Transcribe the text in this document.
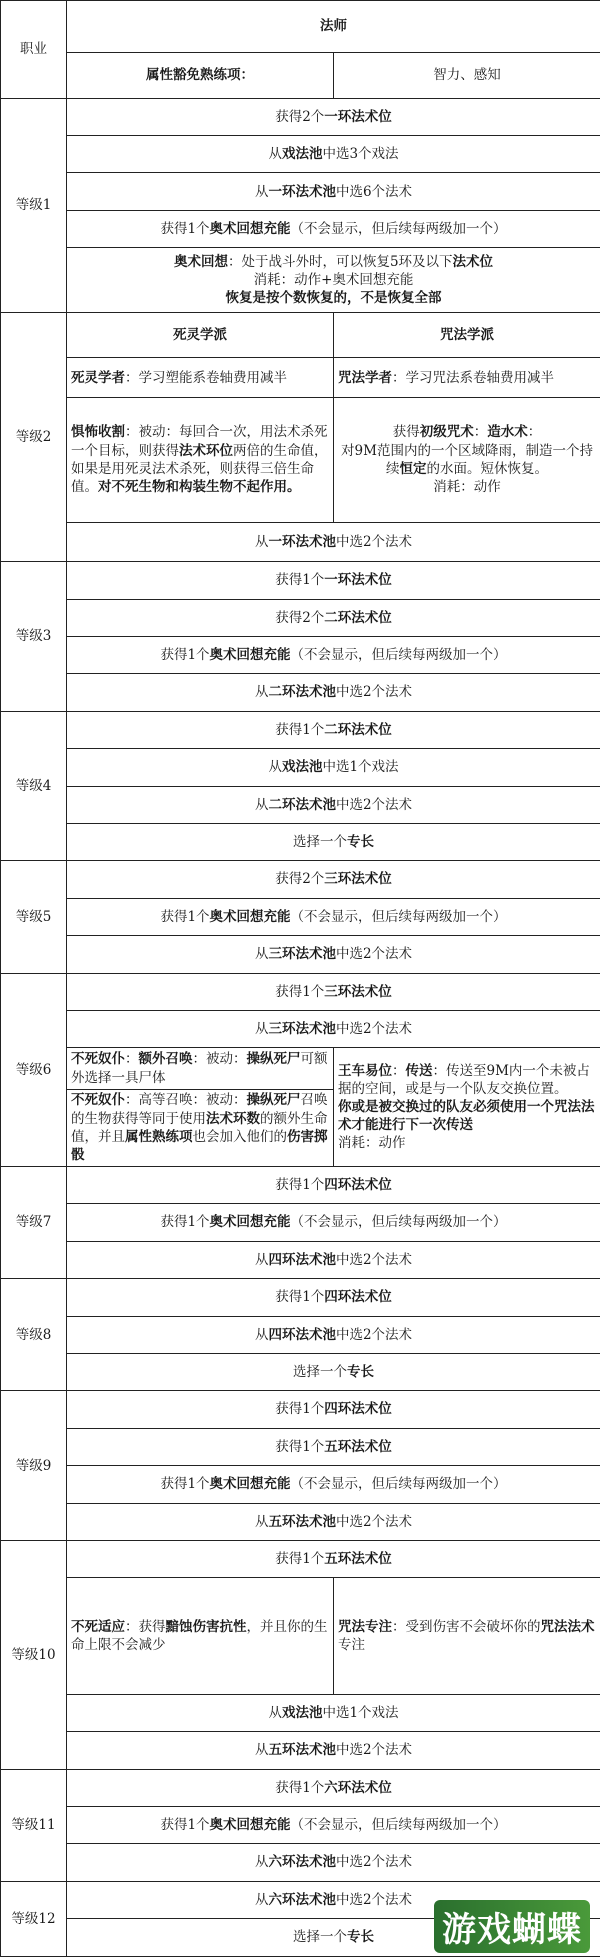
职业	法师	
	属性豁免熟练项：	智力、感知
等级1	获得2个一环法术位	
	从戏法池中选3个戏法	
	从一环法术池中选6个法术	
	获得1个奥术回想充能（不会显示，但后续每两级加一个）	

	奥术回想：处于战斗外时，可以恢复5环及以下法术位
消耗：动作+奥术回想充能
恢复是按个数恢复的，不是恢复全部	

等级2	死灵学派	咒法学派

	死灵学者：学习塑能系卷轴费用减半	咒法学者：学习咒法系卷轴费用减半

	惧怖收割：被动：每回合一次，用法术杀死一个目标，则获得法术环位两倍的生命值，如果是用死灵法术杀死，则获得三倍生命值。对不死生物和构装生物不起作用。	获得初级咒术：造水术：
对9M范围内的一个区域降雨，制造一个持续恒定的水面。短休恢复。
消耗：动作

	从一环法术池中选2个法术	
等级3	获得1个一环法术位	
	获得2个二环法术位	
	获得1个奥术回想充能（不会显示，但后续每两级加一个）	
	从二环法术池中选2个法术	
等级4	获得1个二环法术位	
	从戏法池中选1个戏法	
	从二环法术池中选2个法术	
	选择一个专长	
等级5	获得2个三环法术位	
	获得1个奥术回想充能（不会显示，但后续每两级加一个）	
	从三环法术池中选2个法术	
等级6	获得1个三环法术位	
	从三环法术池中选2个法术	

	不死奴仆：额外召唤：被动：操纵死尸可额外选择一具尸体	王车易位：传送：传送至9M内一个未被占据的空间，或是与一个队友交换位置。
你或是被交换过的队友必须使用一个咒法法术才能进行下一次传送
消耗：动作

	不死奴仆：高等召唤：被动：操纵死尸召唤的生物获得等同于使用法术环数的额外生命值，并且属性熟练项也会加入他们的伤害掷骰	

等级7	获得1个四环法术位	
	获得1个奥术回想充能（不会显示，但后续每两级加一个）	
	从四环法术池中选2个法术	
等级8	获得1个四环法术位	
	从四环法术池中选2个法术	
	选择一个专长	
等级9	获得1个四环法术位	
	获得1个五环法术位	
	获得1个奥术回想充能（不会显示，但后续每两级加一个）	
	从五环法术池中选2个法术	
等级10	获得1个五环法术位	

	不死适应：获得黯蚀伤害抗性，并且你的生命上限不会减少	咒法专注：受到伤害不会破坏你的咒法法术专注

	从戏法池中选1个戏法	
	从五环法术池中选2个法术	
等级11	获得1个六环法术位	
	获得1个奥术回想充能（不会显示，但后续每两级加一个）	
	从六环法术池中选2个法术	
等级12	从六环法术池中选2个法术	
	选择一个专长	游戏蝴蝶
